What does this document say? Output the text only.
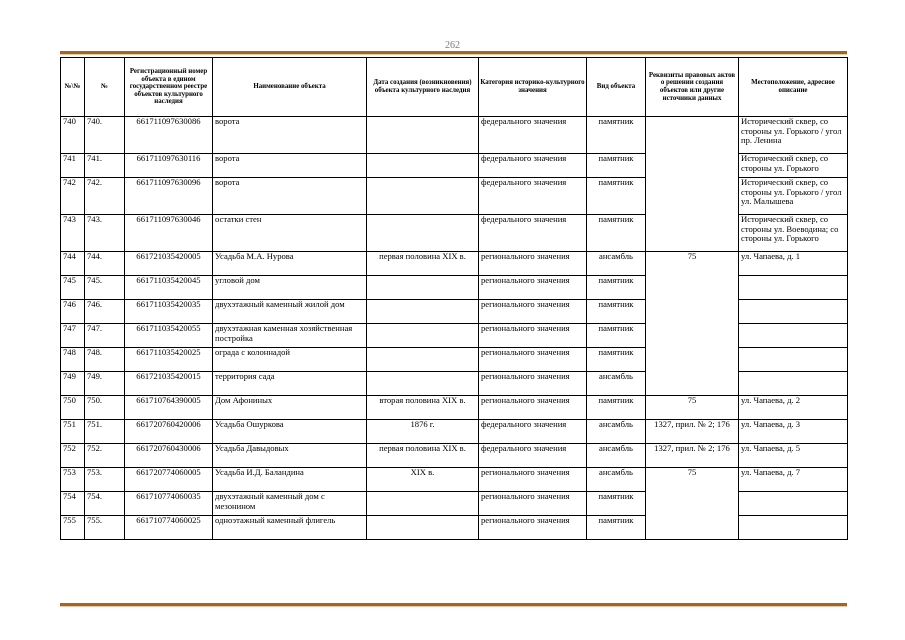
262
№\№	№	Регистрационный номер объекта в едином государственном реестре объектов культурного наследия	Наименование объекта	Дата создания (возникновения) объекта культурного наследия	Категория историко-культурного значения	Вид объекта	Реквизиты правовых актов о решении создания объектов или другие источники данных	Местоположение, адресное описание
740	740.	661711097630086	ворота		федерального значения	памятник		Исторический сквер, со стороны ул. Горького / угол пр. Ленина
741	741.	661711097630116	ворота		федерального значения	памятник		Исторический сквер, со стороны ул. Горького
742	742.	661711097630096	ворота		федерального значения	памятник		Исторический сквер, со стороны ул. Горького / угол ул. Малышева
743	743.	661711097630046	остатки стен		федерального значения	памятник		Исторический сквер, со стороны ул. Воеводина; со стороны ул. Горького
744	744.	661721035420005	Усадьба М.А. Нурова	первая половина XIX в.	регионального значения	ансамбль	75	ул. Чапаева, д. 1
745	745.	661711035420045	угловой дом		регионального значения	памятник		
746	746.	661711035420035	двухэтажный каменный жилой дом		регионального значения	памятник		
747	747.	661711035420055	двухэтажная каменная хозяйственная постройка		регионального значения	памятник		
748	748.	661711035420025	ограда с колоннадой		регионального значения	памятник		
749	749.	661721035420015	территория сада		регионального значения	ансамбль		
750	750.	661710764390005	Дом Афониных	вторая половина XIX в.	регионального значения	памятник	75	ул. Чапаева, д. 2
751	751.	661720760420006	Усадьба Ошуркова	1876 г.	федерального значения	ансамбль	1327, прил. № 2; 176	ул. Чапаева, д. 3
752	752.	661720760430006	Усадьба Давыдовых	первая половина XIX в.	федерального значения	ансамбль	1327, прил. № 2; 176	ул. Чапаева, д. 5
753	753.	661720774060005	Усадьба И.Д. Баландина	XIX в.	регионального значения	ансамбль	75	ул. Чапаева, д. 7
754	754.	661710774060035	двухэтажный каменный дом с мезонином		регионального значения	памятник		
755	755.	661710774060025	одноэтажный каменный флигель		регионального значения	памятник		
